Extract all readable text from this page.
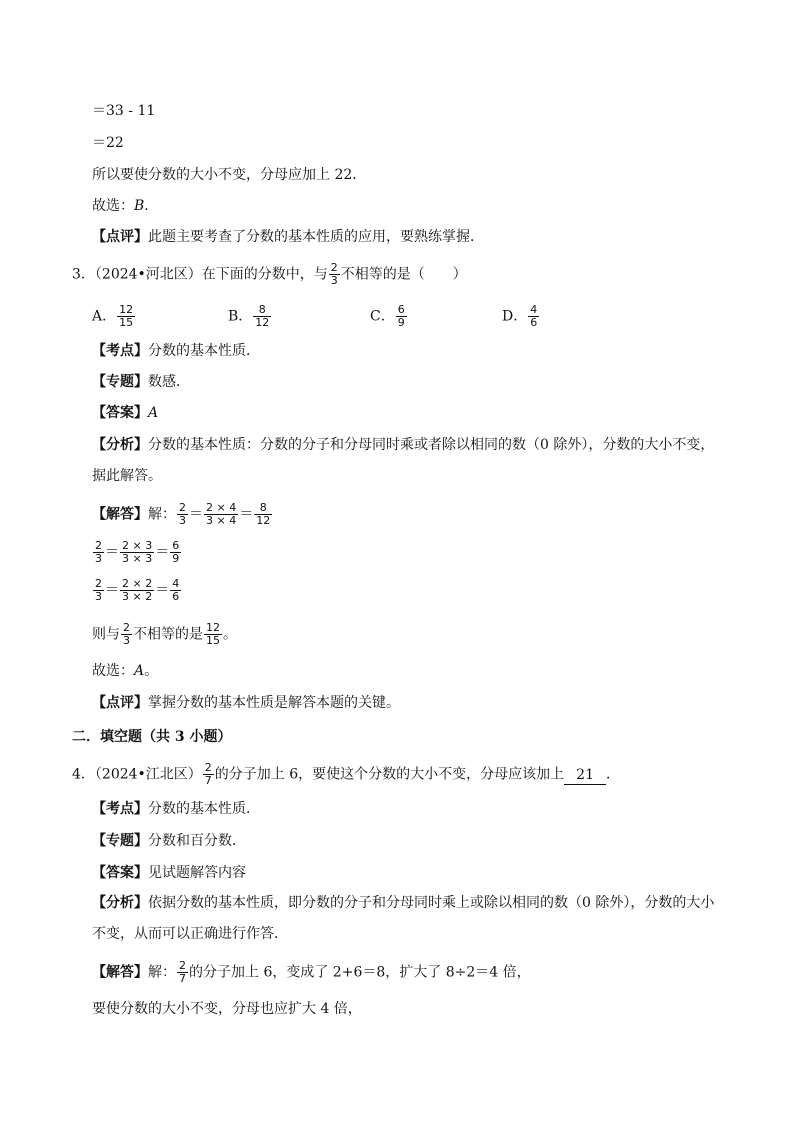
＝33 - 11
＝22
所以要使分数的大小不变，分母应加上 22．
故选：B．
【点评】此题主要考查了分数的基本性质的应用，要熟练掌握．
3．（2024•河北区）在下面的分数中，与 $\frac{2}{3}$ 不相等的是（　　）
A． $\frac{12}{15}$	B． $\frac{8}{12}$	C． $\frac{6}{9}$	D． $\frac{4}{6}$
【考点】分数的基本性质．
【专题】数感．
【答案】A
【分析】分数的基本性质：分数的分子和分母同时乘或者除以相同的数（0 除外），分数的大小不变，
据此解答。
【解答】解： $\frac{2}{3} = \frac{2 \times 4}{3 \times 4} = \frac{8}{12}$
$\frac{2}{3} = \frac{2 \times 3}{3 \times 3} = \frac{6}{9}$
$\frac{2}{3} = \frac{2 \times 2}{3 \times 2} = \frac{4}{6}$
则与 $\frac{2}{3}$ 不相等的是 $\frac{12}{15}$ 。
故选：A。
【点评】掌握分数的基本性质是解答本题的关键。
二．填空题（共 3 小题）
4．（2024•江北区） $\frac{2}{7}$ 的分子加上 6，要使这个分数的大小不变，分母应该加上 21 ．
【考点】分数的基本性质．
【专题】分数和百分数．
【答案】见试题解答内容
【分析】依据分数的基本性质，即分数的分子和分母同时乘上或除以相同的数（0 除外），分数的大小
不变，从而可以正确进行作答．
【解答】解： $\frac{2}{7}$ 的分子加上 6，变成了 2+6＝8，扩大了 8÷2＝4 倍，
要使分数的大小不变，分母也应扩大 4 倍，
